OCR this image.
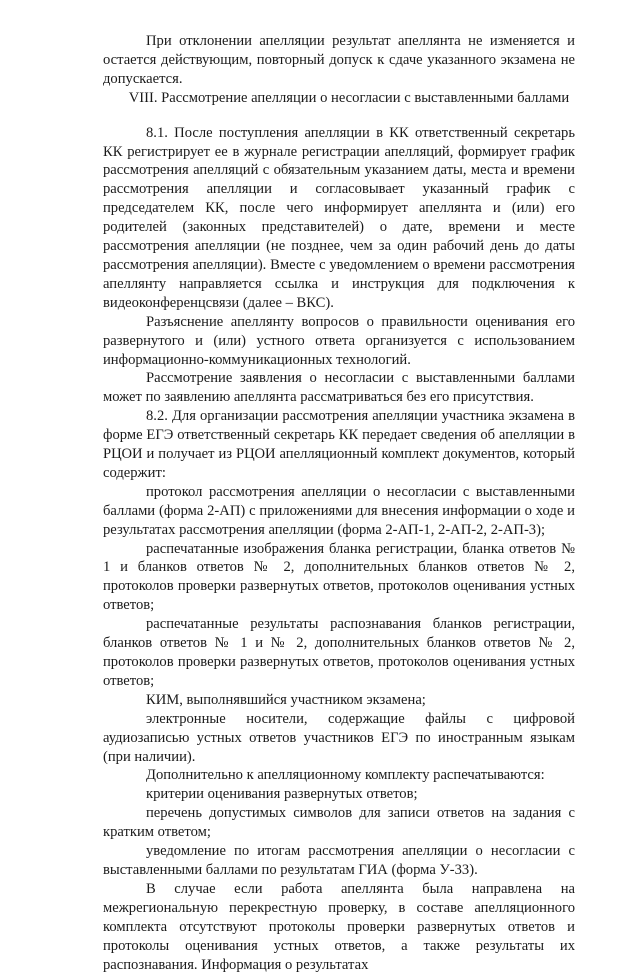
При отклонении апелляции результат апеллянта не изменяется и остается действующим, повторный допуск к сдаче указанного экзамена не допускается.

VIII. Рассмотрение апелляции о несогласии с выставленными баллами

8.1. После поступления апелляции в КК ответственный секретарь КК регистрирует ее в журнале регистрации апелляций, формирует график рассмотрения апелляций с обязательным указанием даты, места и времени рассмотрения апелляции и согласовывает указанный график с председателем КК, после чего информирует апеллянта и (или) его родителей (законных представителей) о дате, времени и месте рассмотрения апелляции (не позднее, чем за один рабочий день до даты рассмотрения апелляции). Вместе с уведомлением о времени рассмотрения апеллянту направляется ссылка и инструкция для подключения к видеоконференцсвязи (далее – ВКС).

Разъяснение апеллянту вопросов о правильности оценивания его развернутого и (или) устного ответа организуется с использованием информационно-коммуникационных технологий.

Рассмотрение заявления о несогласии с выставленными баллами может по заявлению апеллянта рассматриваться без его присутствия.

8.2. Для организации рассмотрения апелляции участника экзамена в форме ЕГЭ ответственный секретарь КК передает сведения об апелляции в РЦОИ и получает из РЦОИ апелляционный комплект документов, который содержит:

протокол рассмотрения апелляции о несогласии с выставленными баллами (форма 2-АП) с приложениями для внесения информации о ходе и результатах рассмотрения апелляции (форма 2-АП-1, 2-АП-2, 2-АП-3);

распечатанные изображения бланка регистрации, бланка ответов № 1 и бланков ответов № 2, дополнительных бланков ответов № 2, протоколов проверки развернутых ответов, протоколов оценивания устных ответов;

распечатанные результаты распознавания бланков регистрации, бланков ответов № 1 и № 2, дополнительных бланков ответов № 2, протоколов проверки развернутых ответов, протоколов оценивания устных ответов;

КИМ, выполнявшийся участником экзамена;

электронные носители, содержащие файлы с цифровой аудиозаписью устных ответов участников ЕГЭ по иностранным языкам (при наличии).

Дополнительно к апелляционному комплекту распечатываются:

критерии оценивания развернутых ответов;

перечень допустимых символов для записи ответов на задания с кратким ответом;

уведомление по итогам рассмотрения апелляции о несогласии с выставленными баллами по результатам ГИА (форма У-33).

В случае если работа апеллянта была направлена на межрегиональную перекрестную проверку, в составе апелляционного комплекта отсутствуют протоколы проверки развернутых ответов и протоколы оценивания устных ответов, а также результаты их распознавания. Информация о результатах
